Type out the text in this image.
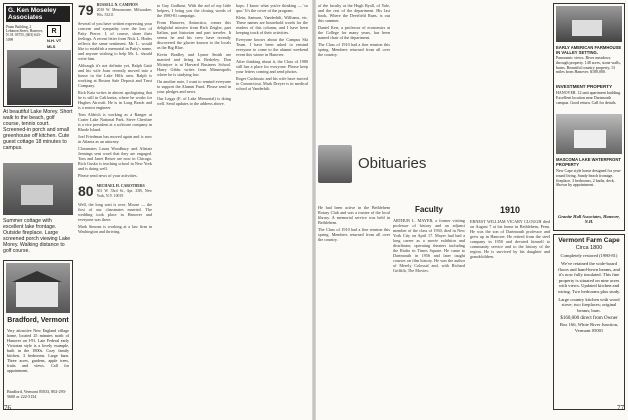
G. Ken Moseley Associates
Piano Building, 2 Lebanon Street, Hanover, N. H. 03755, (603) 643-1099
R
N.H. VT
MLS
At beautiful Lake Morey. Short walk to the beach, golf course, tennis court. Screened-in porch and small greenhouse off kitchen. Cute guest cottage 18 minutes to campus.
Summer cottage with excellent lake frontage. Outside fireplace. Large screened porch viewing Lake Morey. Walking distance to golf course.
Bradford, Vermont
Very attractive New England village home, located 25 minutes north of Hanover on I-91. Late Federal early Victorian style is a lovely example, built in the 1800s. Cozy family kitchen, 3 bedrooms. Large barn. Three acres, gardens, apple trees, fruits and views. Call for appointment.
Bradford, Vermont 05033, 802-293-5600 or 222-5154
76
79 RUSSELL N. CAMPION
2010 W. Menomonee, Milwaukee, Wis. 53211

Several of you have written expressing your concern and sympathy over the loss of Patty Pierce. I, of course, share their feelings. A recent letter from Nick L. Hodes reflects the same sentiment. Mr. L. would like to establish a memorial in Patty's name, and anyone wishing to help Mr. L. should write him.

Although it's not definite yet, Ralph Gatti and his wife Joan recently moved into a house in the Lake Hills area. Ralph is working at Boston Safe Deposit and Trust Company.

Rick Katz writes in almost apologizing that he is still in California, where he works for Hughes Aircraft. He is in Long Beach and is a senior engineer.

Tom Aldrich is working as a Ranger at Crater Lake National Park. Steve Cheshire is a vice president at a software company in Rhode Island.

Joel Friedman has moved again and is now in Atlanta as an attorney.

Classmates Laura Woodbury and Alistair Jennings sent word that they are engaged. Tom and Janet Reiser are now in Chicago. Rich Gusko is teaching school in New York and is doing well.

Please send news of your activities.

80 MICHAEL H. CAROTHERS
301 W. 53rd St., Apt. 25B, New York, N.Y. 10019

Well, the long wait is over. Moose — the first of our classmates married. The wedding took place in Hanover and everyone was there.

Mark Simons is working at a law firm in Washington and thriving.

to Guy Godbout. With the aid of my little helpers, I bring you the closing words of the 1980-81 campaign.

From Hanover, Antarctica, comes this delightful missive from Rich Zeigler, part Italian, part historian and part traveler. It seems he and his crew have recently discovered the glacier known to the locals as the Big Blue.

Kevin Bradley and Lynne Smith are married and living in Berkeley. Don Mcintyre is at Harvard Business School. Harry Gibbs writes from Minneapolis where he is studying law.

On another note, I want to remind everyone to support the Alumni Fund. Please send in your pledges and news.

Our Leggs (E. of Lake Memorial) is doing well. Send updates to the address above.

kops. I know what you're thinking — 'so quo.' It's the cover of the program.

Klein, Samson, Vanderbilt, Williams, etc. These names are household words for the readers of this column, and I have been keeping track of their activities.

Everyone knows about the Campus Ski Team. I have been asked to remind everyone to come to the alumni weekend event this winter in Hanover.

After thinking about it, the Class of 1980 still has a place for everyone. Please keep your letters coming and send photos.

Roger Cuchiusio and his wife have moved to Connecticut. Mark Dreyer is in medical school at Vanderbilt.

of the faculty at the Hugh Ryall, of Yale, and the rest of the department. His last book, Where the Deerfield Runs, is out this summer.

Daniel Kerr, a professor of economics at the College for many years, has been named chair of the department.

The Class of 1910 had a fine reunion this spring. Members returned from all over the country.

Obituaries
Faculty

ARTHUR L. MAYER, a former visiting professor of history and an adjunct member of the class of 1930, died in New York City on April 17. Mayer had had a long career as a movie exhibitor and distributor, operating theaters including the Rialto in Times Square. He came to Dartmouth in 1956 and later taught courses on film history. He was the author of Merely Colossal and, with Richard Griffith, The Movies.

He had been active in the Bethlehem Rotary Club and was a trustee of the local library. A memorial service was held in Bethlehem.

The Class of 1910 had a fine reunion this spring. Members returned from all over the country.

1910

ERNEST WILLIAM VICARY CLOUGH died on August 7 at his home in Bethlehem, Penn. He was the son of Dartmouth professor and grew up in Hanover. He retired from the steel company in 1950 and devoted himself to community service and to the history of the region. He is survived by his daughter and grandchildren.

EARLY AMERICAN FARMHOUSE IN VALLEY SETTING.
Panoramic views. River meadows through property. 148 acres, stone walls, barns. Beautiful country property, 13 miles from Hanover. $180,000.
INVESTMENT PROPERTY
HANOVER. 12 unit apartment building. Excellent location near Dartmouth campus. Good return. Call for details.
MASCOMA LAKE WATERFRONT PROPERTY
New Cape style home designed for year-round living. Sandy beach frontage, fireplace, 3 bedrooms, 2 baths, deck. Shown by appointment.
Granite Hall Associates, Hanover, N.H.
Vermont Farm Cape
Circa 1800
Completely restored (1980-81)
We've retained the wide-board floors and hand-hewn beams, and it's now fully insulated. This fine property is situated on nine acres with views. Updated kitchen and wiring. Two bedrooms plus study.
Large country kitchen with wood stove; two fireplaces; original beams; barn.
$160,000 direct from Owner
Box 166, White River Junction, Vermont 05001
77
